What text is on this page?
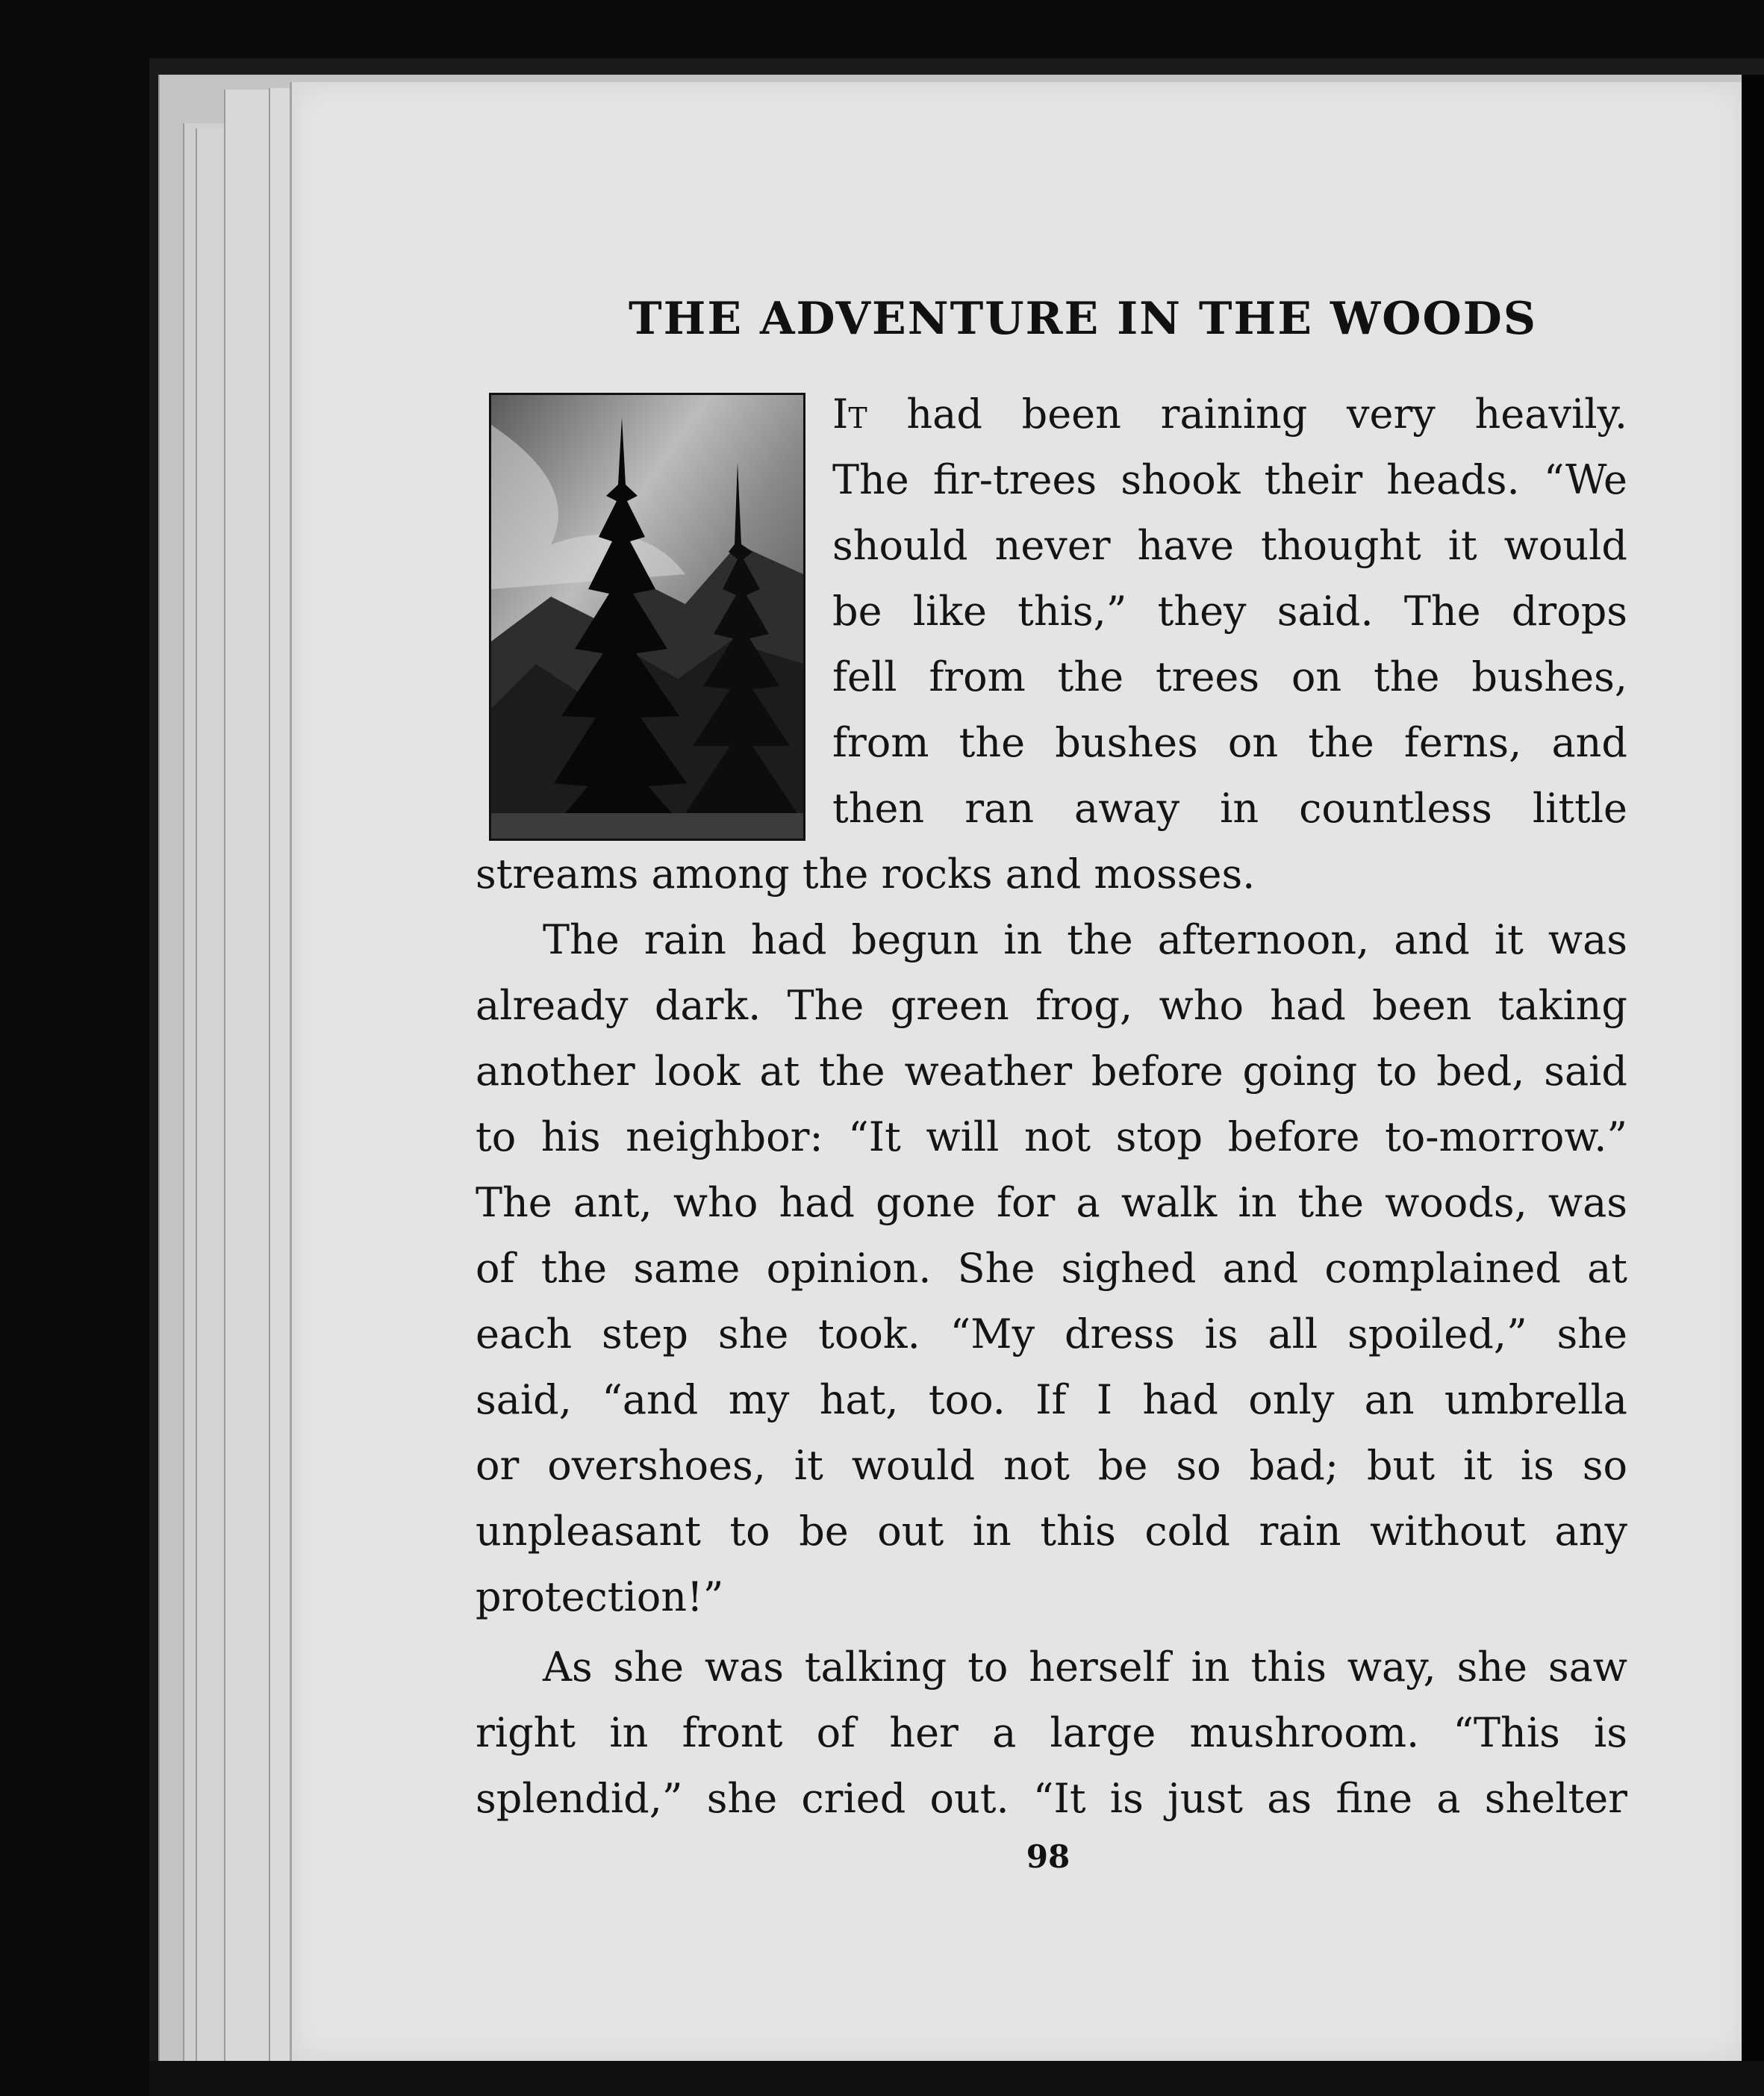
THE ADVENTURE IN THE WOODS
It had been raining very heavily.
The fir-trees shook their heads. “We
should never have thought it would
be like this,” they said. The drops
fell from the trees on the bushes,
from the bushes on the ferns, and
then ran away in countless little
streams among the rocks and mosses.
The rain had begun in the afternoon, and it was
already dark. The green frog, who had been taking
another look at the weather before going to bed, said
to his neighbor: “It will not stop before to-morrow.”
The ant, who had gone for a walk in the woods, was
of the same opinion. She sighed and complained at
each step she took. “My dress is all spoiled,” she
said, “and my hat, too. If I had only an umbrella
or overshoes, it would not be so bad; but it is so
unpleasant to be out in this cold rain without any
protection!”
As she was talking to herself in this way, she saw
right in front of her a large mushroom. “This is
splendid,” she cried out. “It is just as fine a shelter
98
